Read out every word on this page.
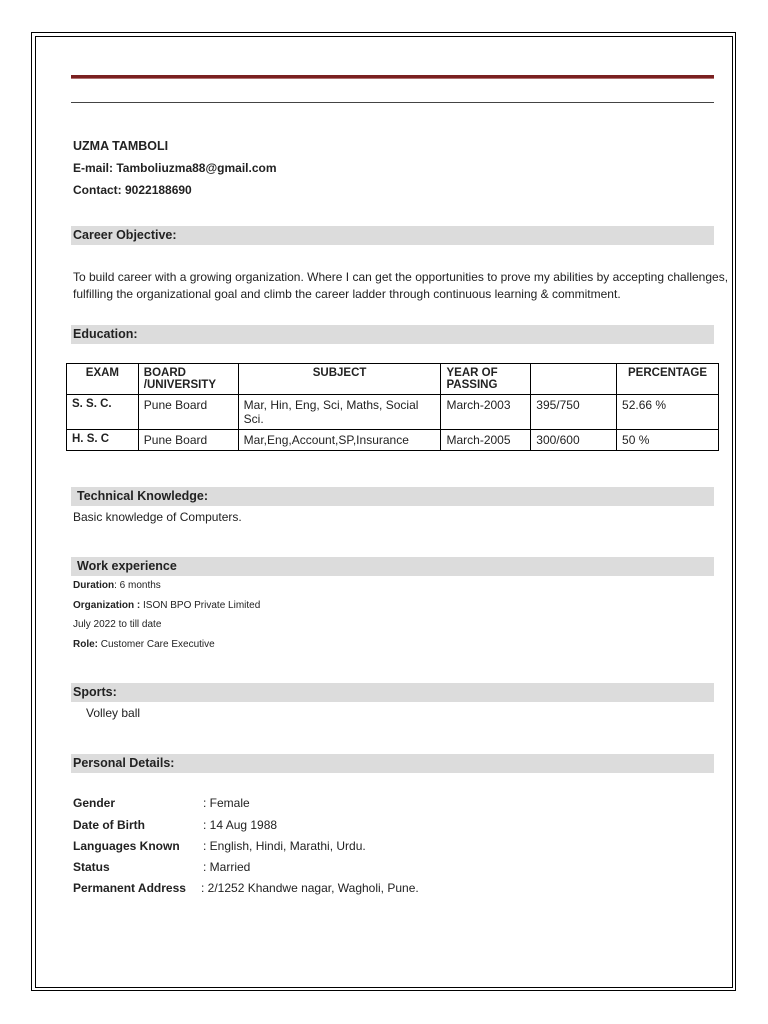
UZMA TAMBOLI
E-mail: Tamboliuzma88@gmail.com
Contact: 9022188690
Career Objective:
To build career with a growing organization. Where I can get the opportunities to prove my abilities by accepting challenges, fulfilling the organizational goal and climb the career ladder through continuous learning & commitment.
Education:
EXAM	BOARD /UNIVERSITY	SUBJECT	YEAR OF PASSING		PERCENTAGE
S. S. C.	Pune Board	Mar, Hin, Eng, Sci, Maths, Social Sci.	March-2003	395/750	52.66 %
H. S. C	Pune Board	Mar,Eng,Account,SP,Insurance	March-2005	300/600	50 %
Technical Knowledge:
Basic knowledge of Computers.
Work experience
Duration: 6 months
Organization : ISON BPO Private Limited
July 2022 to till date
Role: Customer Care Executive
Sports:
Volley ball
Personal Details:
Gender	: Female
Date of Birth	: 14 Aug 1988
Languages Known : English, Hindi, Marathi, Urdu.
Status	: Married
Permanent Address : 2/1252 Khandwe nagar, Wagholi, Pune.
